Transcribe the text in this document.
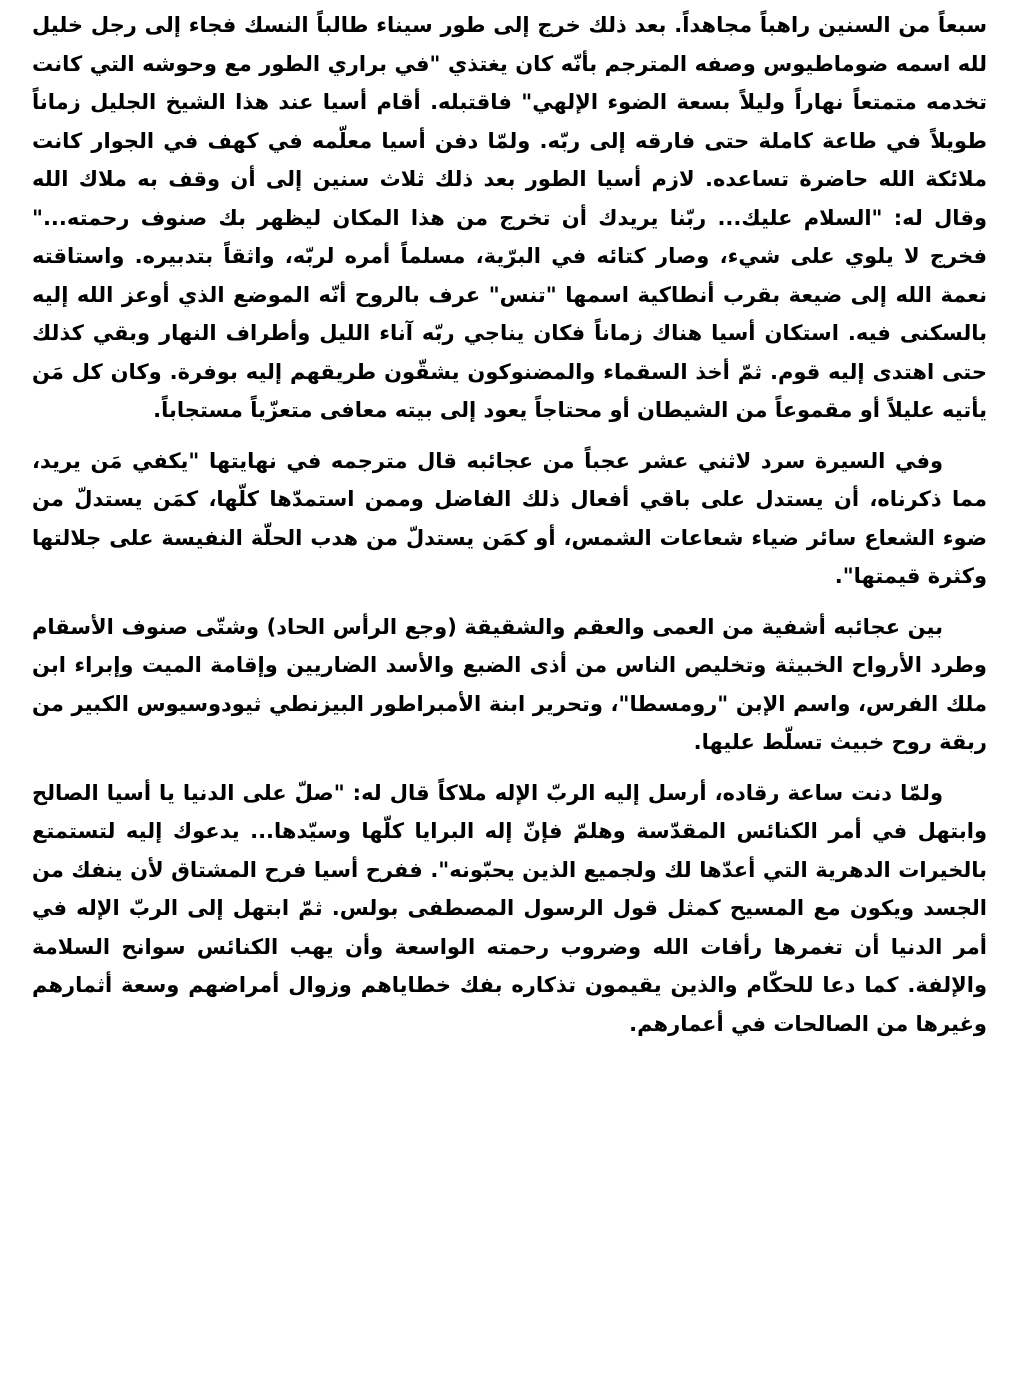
سبعاً من السنين راهباً مجاهداً. بعد ذلك خرج إلى طور سيناء طالباً النسك فجاء إلى رجل خليل لله اسمه ضوماطيوس وصفه المترجم بأنّه كان يغتذي "في براري الطور مع وحوشه التي كانت تخدمه متمتعاً نهاراً وليلاً بسعة الضوء الإلهي" فاقتبله. أقام أسيا عند هذا الشيخ الجليل زماناً طويلاً في طاعة كاملة حتى فارقه إلى ربّه. ولمّا دفن أسيا معلّمه في كهف في الجوار كانت ملائكة الله حاضرة تساعده. لازم أسيا الطور بعد ذلك ثلاث سنين إلى أن وقف به ملاك الله وقال له: "السلام عليك... ربّنا يريدك أن تخرج من هذا المكان ليظهر بك صنوف رحمته..." فخرج لا يلوي على شيء، وصار كتائه في البرّية، مسلماً أمره لربّه، واثقاً بتدبيره. واستاقته نعمة الله إلى ضيعة بقرب أنطاكية اسمها "تنس" عرف بالروح أنّه الموضع الذي أوعز الله إليه بالسكنى فيه. استكان أسيا هناك زماناً فكان يناجي ربّه آناء الليل وأطراف النهار وبقي كذلك حتى اهتدى إليه قوم. ثمّ أخذ السقماء والمضنوكون يشقّون طريقهم إليه بوفرة. وكان كل مَن يأتيه عليلاً أو مقموعاً من الشيطان أو محتاجاً يعود إلى بيته معافى متعزّياً مستجاباً.

وفي السيرة سرد لاثني عشر عجباً من عجائبه قال مترجمه في نهايتها "يكفي مَن يريد، مما ذكرناه، أن يستدل على باقي أفعال ذلك الفاضل وممن استمدّها كلّها، كمَن يستدلّ من ضوء الشعاع سائر ضياء شعاعات الشمس، أو كمَن يستدلّ من هدب الحلّة النفيسة على جلالتها وكثرة قيمتها".

بين عجائبه أشفية من العمى والعقم والشقيقة (وجع الرأس الحاد) وشتّى صنوف الأسقام وطرد الأرواح الخبيثة وتخليص الناس من أذى الضبع والأسد الضاريين وإقامة الميت وإبراء ابن ملك الفرس، واسم الإبن "رومسطا"، وتحرير ابنة الأمبراطور البيزنطي ثيودوسيوس الكبير من ربقة روح خبيث تسلّط عليها.

ولمّا دنت ساعة رقاده، أرسل إليه الربّ الإله ملاكاً قال له: "صلّ على الدنيا يا أسيا الصالح وابتهل في أمر الكنائس المقدّسة وهلمّ فإنّ إله البرايا كلّها وسيّدها... يدعوك إليه لتستمتع بالخيرات الدهرية التي أعدّها لك ولجميع الذين يحبّونه". ففرح أسيا فرح المشتاق لأن ينفك من الجسد ويكون مع المسيح كمثل قول الرسول المصطفى بولس. ثمّ ابتهل إلى الربّ الإله في أمر الدنيا أن تغمرها رأفات الله وضروب رحمته الواسعة وأن يهب الكنائس سوانح السلامة والإلفة. كما دعا للحكّام والذين يقيمون تذكاره بفك خطاياهم وزوال أمراضهم وسعة أثمارهم وغيرها من الصالحات في أعمارهم.
